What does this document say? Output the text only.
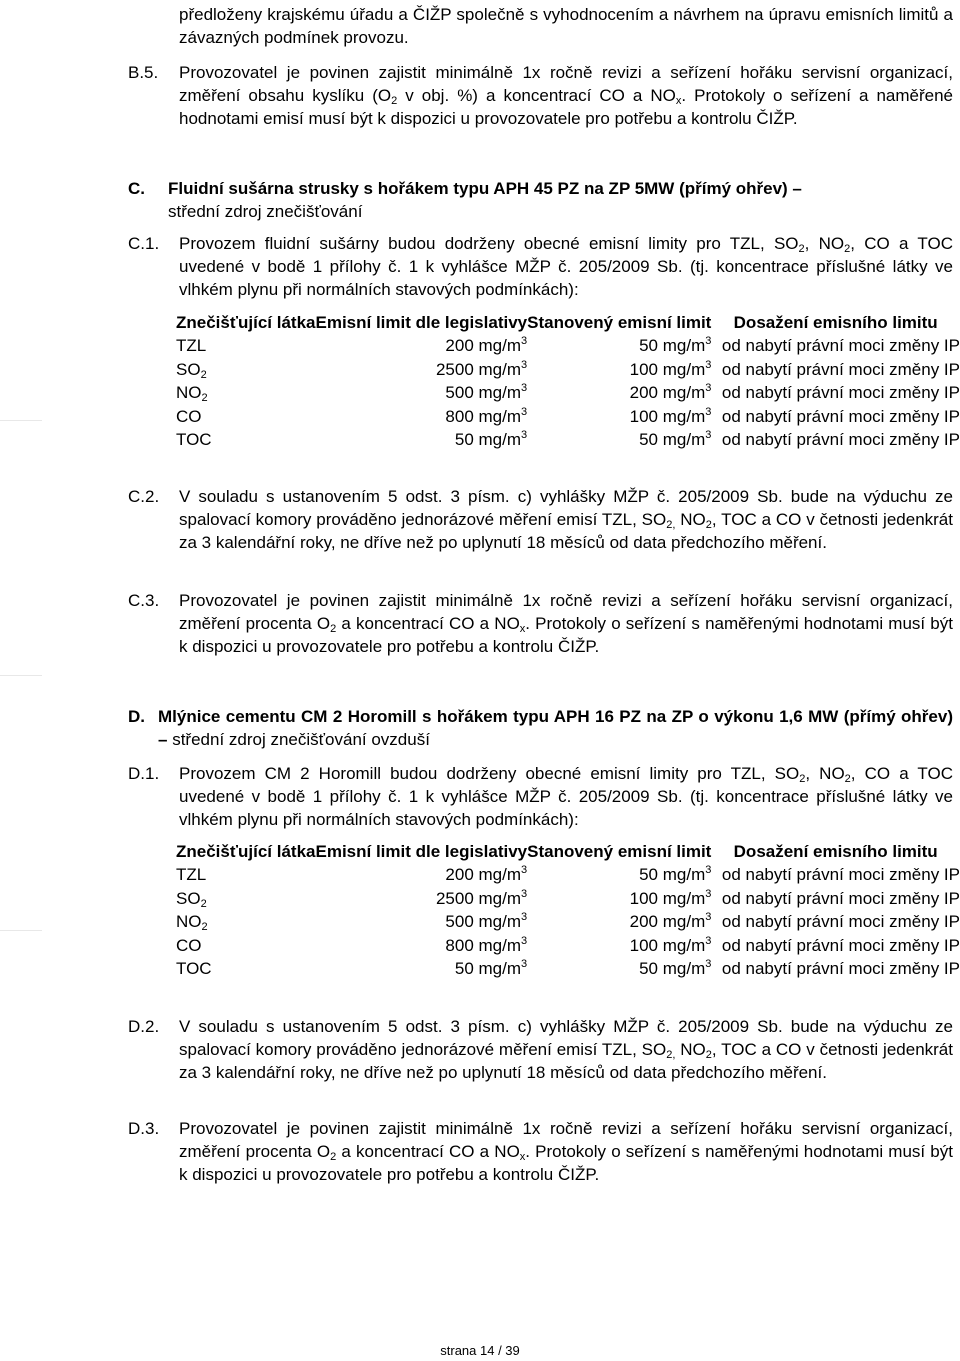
předloženy krajskému úřadu a ČIŽP společně s vyhodnocením a návrhem na úpravu emisních limitů a závazných podmínek provozu.
B.5. Provozovatel je povinen zajistit minimálně 1x ročně revizi a seřízení hořáku servisní organizací, změření obsahu kyslíku ($O_2$ v obj. %) a koncentrací CO a $NO_x$. Protokoly o seřízení a naměřené hodnotami emisí musí být k dispozici u provozovatele pro potřebu a kontrolu ČIŽP.
C. Fluidní sušárna strusky s hořákem typu APH 45 PZ na ZP 5MW (přímý ohřev) –
střední zdroj znečišťování
C.1. Provozem fluidní sušárny budou dodrženy obecné emisní limity pro TZL, $SO_2$, $NO_2$, CO a TOC uvedené v bodě 1 přílohy č. 1 k vyhlášce MŽP č. 205/2009 Sb. (tj. koncentrace příslušné látky ve vlhkém plynu při normálních stavových podmínkách):
Znečišťující látka	Emisní limit dle legislativy	Stanovený emisní limit	Dosažení emisního limitu
TZL	200 $mg/m^3$	50 $mg/m^3$	od nabytí právní moci změny IP
$SO_2$	2500 $mg/m^3$	100 $mg/m^3$	od nabytí právní moci změny IP
$NO_2$	500 $mg/m^3$	200 $mg/m^3$	od nabytí právní moci změny IP
CO	800 $mg/m^3$	100 $mg/m^3$	od nabytí právní moci změny IP
TOC	50 $mg/m^3$	50 $mg/m^3$	od nabytí právní moci změny IP
C.2. V souladu s ustanovením 5 odst. 3 písm. c) vyhlášky MŽP č. 205/2009 Sb. bude na výduchu ze spalovací komory prováděno jednorázové měření emisí TZL, $SO_{2,}$ $NO_2$, TOC a CO v četnosti jedenkrát za 3 kalendářní roky, ne dříve než po uplynutí 18 měsíců od data předchozího měření.
C.3. Provozovatel je povinen zajistit minimálně 1x ročně revizi a seřízení hořáku servisní organizací, změření procenta $O_2$ a koncentrací CO a $NO_x$. Protokoly o seřízení s naměřenými hodnotami musí být k dispozici u provozovatele pro potřebu a kontrolu ČIŽP.
D. Mlýnice cementu CM 2 Horomill s hořákem typu APH 16 PZ na ZP o výkonu 1,6 MW (přímý ohřev) – střední zdroj znečišťování ovzduší
D.1. Provozem CM 2 Horomill budou dodrženy obecné emisní limity pro TZL, $SO_2$, $NO_2$, CO a TOC uvedené v bodě 1 přílohy č. 1 k vyhlášce MŽP č. 205/2009 Sb. (tj. koncentrace příslušné látky ve vlhkém plynu při normálních stavových podmínkách):
Znečišťující látka	Emisní limit dle legislativy	Stanovený emisní limit	Dosažení emisního limitu
TZL	200 $mg/m^3$	50 $mg/m^3$	od nabytí právní moci změny IP
$SO_2$	2500 $mg/m^3$	100 $mg/m^3$	od nabytí právní moci změny IP
$NO_2$	500 $mg/m^3$	200 $mg/m^3$	od nabytí právní moci změny IP
CO	800 $mg/m^3$	100 $mg/m^3$	od nabytí právní moci změny IP
TOC	50 $mg/m^3$	50 $mg/m^3$	od nabytí právní moci změny IP
D.2. V souladu s ustanovením 5 odst. 3 písm. c) vyhlášky MŽP č. 205/2009 Sb. bude na výduchu ze spalovací komory prováděno jednorázové měření emisí TZL, $SO_{2,}$ $NO_2$, TOC a CO v četnosti jedenkrát za 3 kalendářní roky, ne dříve než po uplynutí 18 měsíců od data předchozího měření.
D.3. Provozovatel je povinen zajistit minimálně 1x ročně revizi a seřízení hořáku servisní organizací, změření procenta $O_2$ a koncentrací CO a $NO_x$. Protokoly o seřízení s naměřenými hodnotami musí být k dispozici u provozovatele pro potřebu a kontrolu ČIŽP.
strana 14 / 39
